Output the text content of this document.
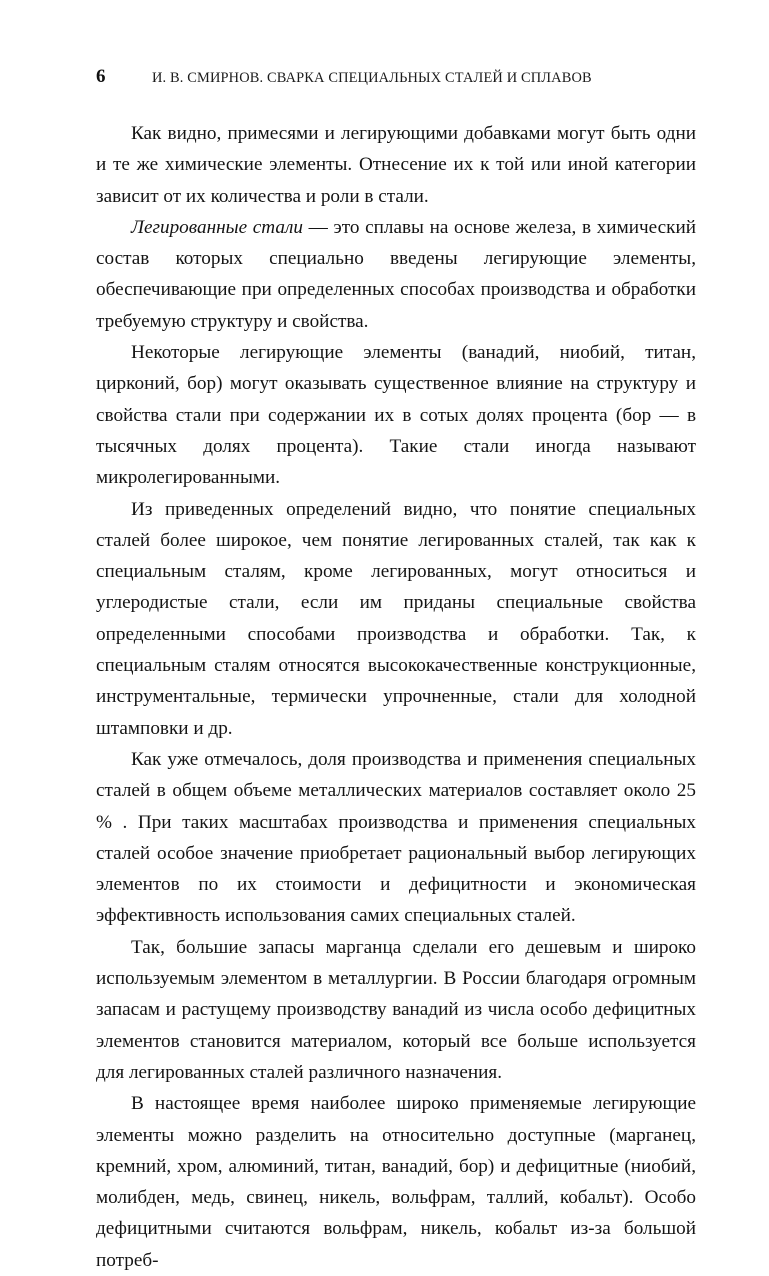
6	И. В. СМИРНОВ. СВАРКА СПЕЦИАЛЬНЫХ СТАЛЕЙ И СПЛАВОВ

Как видно, примесями и легирующими добавками могут быть одни и те же химические элементы. Отнесение их к той или иной категории зависит от их количества и роли в стали.

Легированные стали — это сплавы на основе железа, в химический состав которых специально введены легирующие элементы, обеспечивающие при определенных способах производства и обработки требуемую структуру и свойства.

Некоторые легирующие элементы (ванадий, ниобий, титан, цирконий, бор) могут оказывать существенное влияние на структуру и свойства стали при содержании их в сотых долях процента (бор — в тысячных долях процента). Такие стали иногда называют микролегированными.

Из приведенных определений видно, что понятие специальных сталей более широкое, чем понятие легированных сталей, так как к специальным сталям, кроме легированных, могут относиться и углеродистые стали, если им приданы специальные свойства определенными способами производства и обработки. Так, к специальным сталям относятся высококачественные конструкционные, инструментальные, термически упрочненные, стали для холодной штамповки и др.

Как уже отмечалось, доля производства и применения специальных сталей в общем объеме металлических материалов составляет около 25 % . При таких масштабах производства и применения специальных сталей особое значение приобретает рациональный выбор легирующих элементов по их стоимости и дефицитности и экономическая эффективность использования самих специальных сталей.

Так, большие запасы марганца сделали его дешевым и широко используемым элементом в металлургии. В России благодаря огромным запасам и растущему производству ванадий из числа особо дефицитных элементов становится материалом, который все больше используется для легированных сталей различного назначения.

В настоящее время наиболее широко применяемые легирующие элементы можно разделить на относительно доступные (марганец, кремний, хром, алюминий, титан, ванадий, бор) и дефицитные (ниобий, молибден, медь, свинец, никель, вольфрам, таллий, кобальт). Особо дефицитными считаются вольфрам, никель, кобальт из-за большой потреб-
